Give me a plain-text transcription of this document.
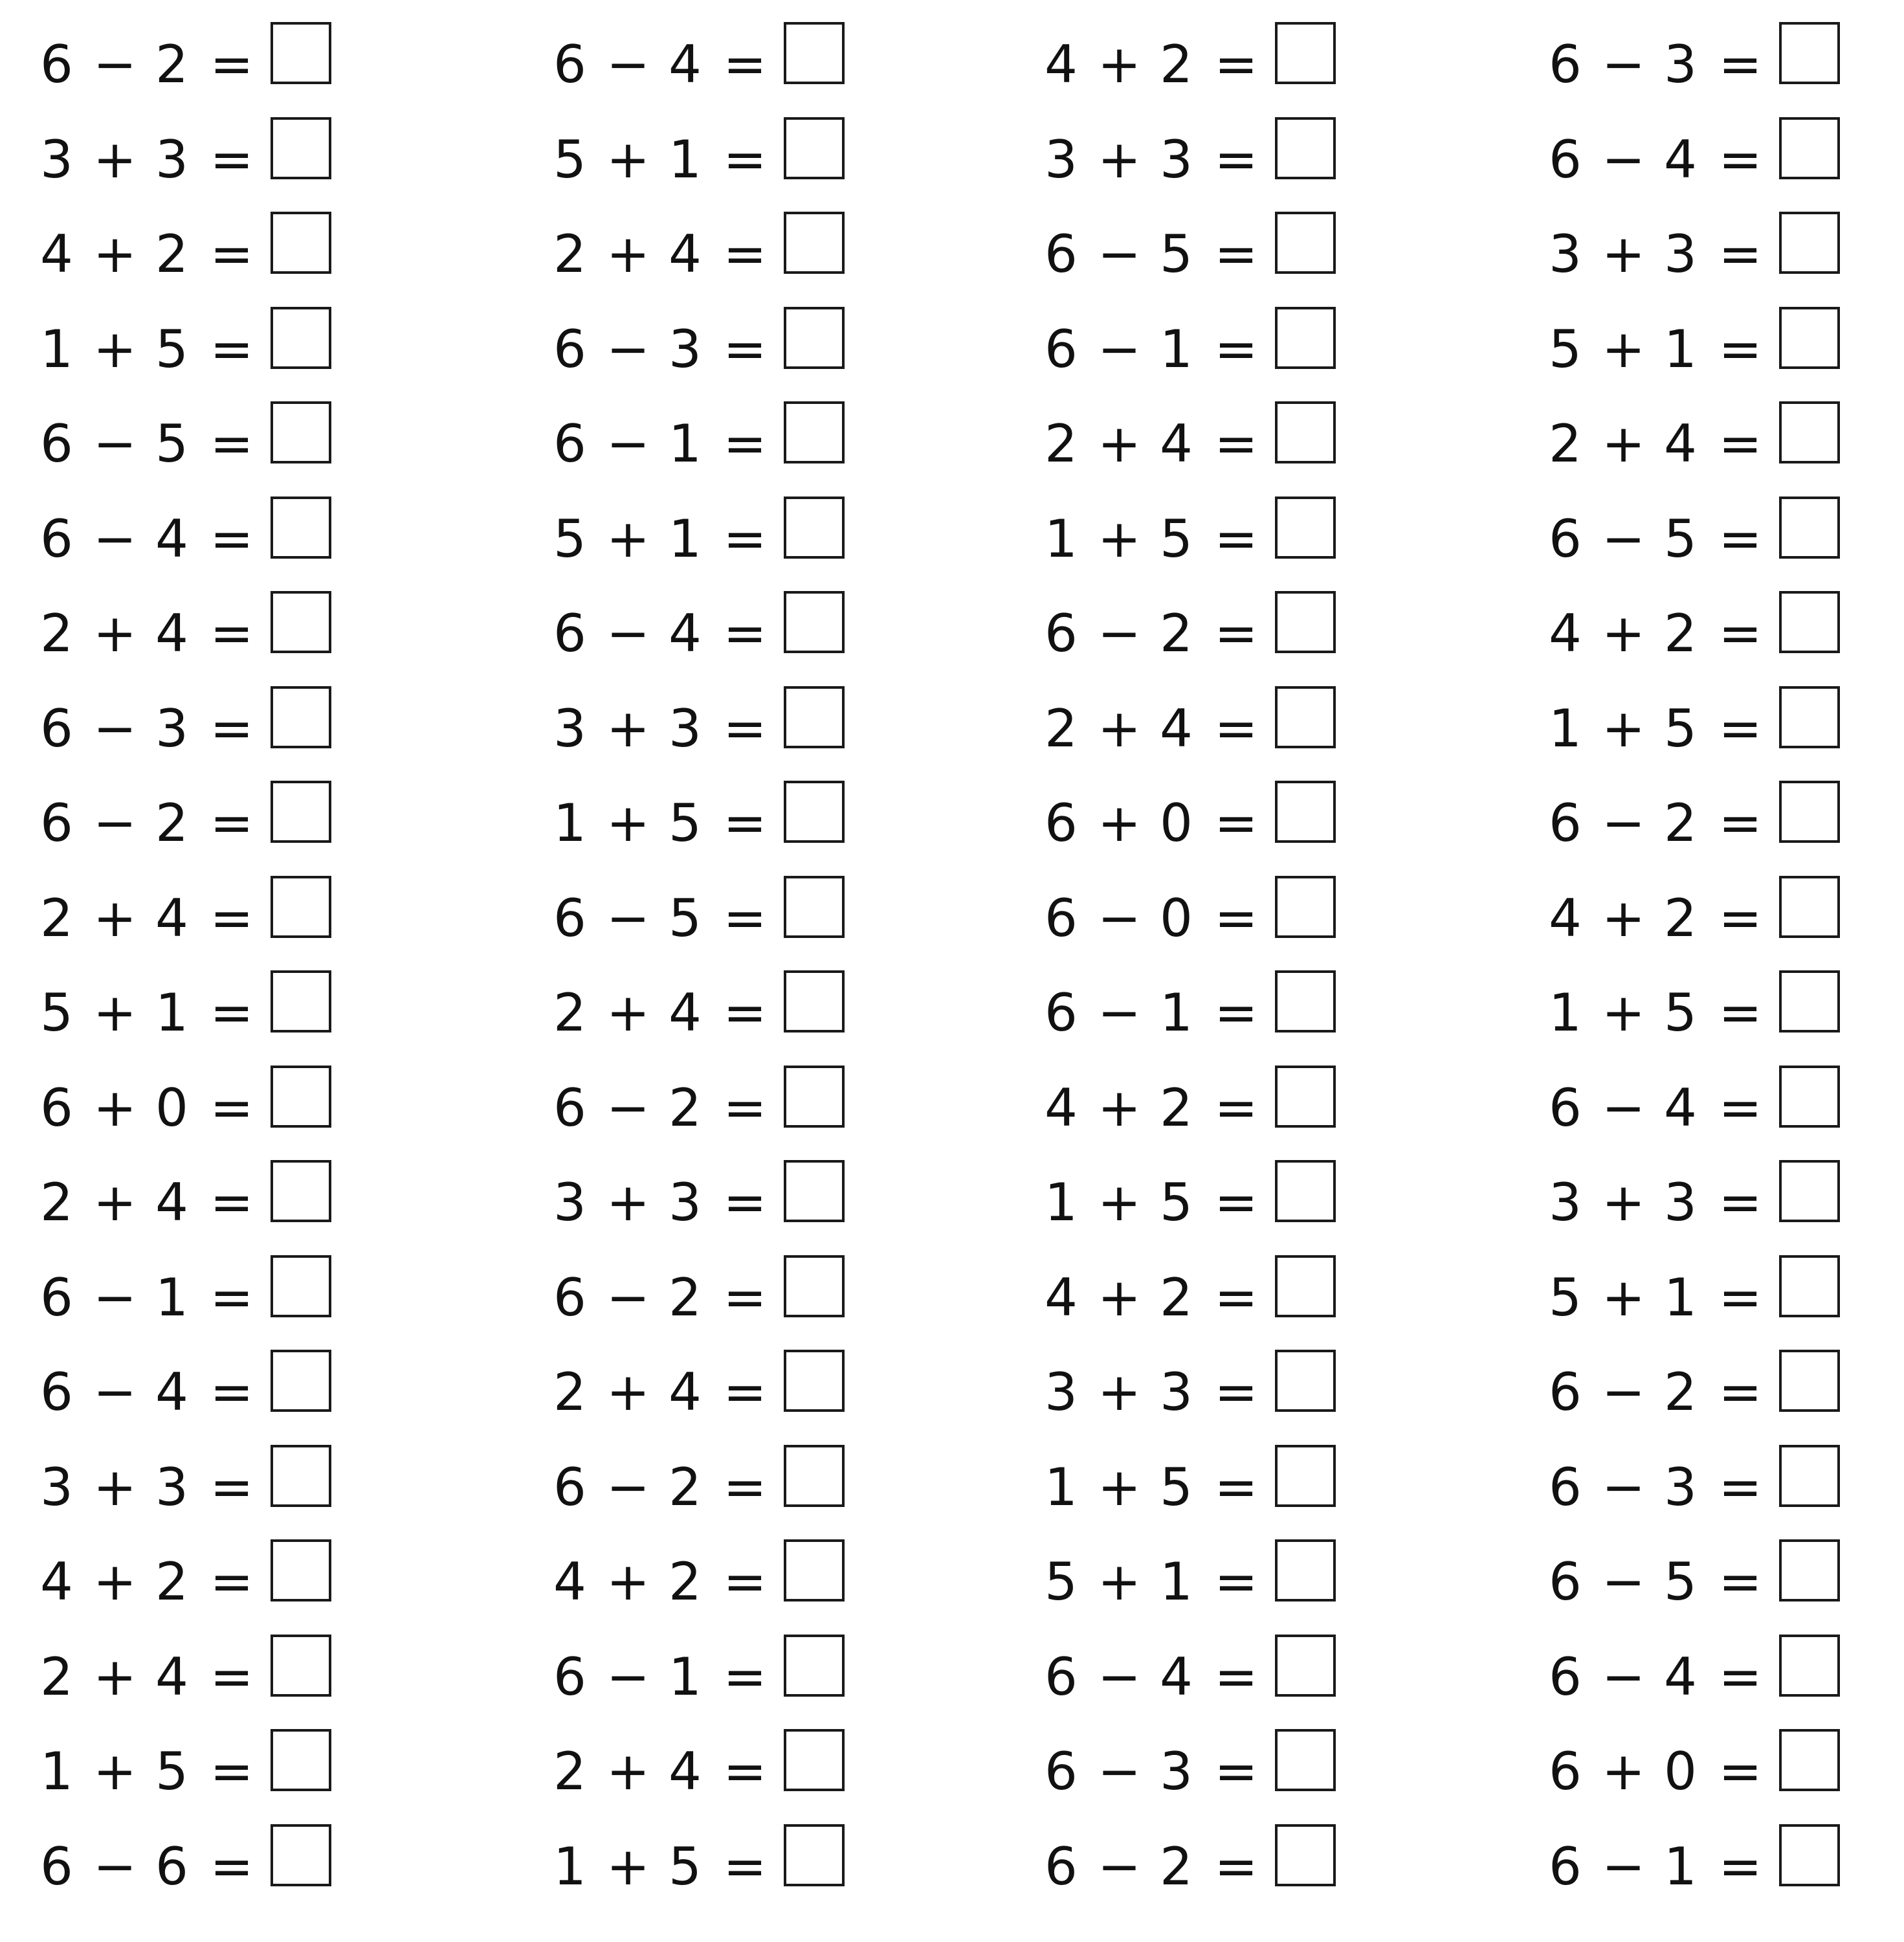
6 − 2 =
3 + 3 =
4 + 2 =
1 + 5 =
6 − 5 =
6 − 4 =
2 + 4 =
6 − 3 =
6 − 2 =
2 + 4 =
5 + 1 =
6 + 0 =
2 + 4 =
6 − 1 =
6 − 4 =
3 + 3 =
4 + 2 =
2 + 4 =
1 + 5 =
6 − 6 =
6 − 4 =
5 + 1 =
2 + 4 =
6 − 3 =
6 − 1 =
5 + 1 =
6 − 4 =
3 + 3 =
1 + 5 =
6 − 5 =
2 + 4 =
6 − 2 =
3 + 3 =
6 − 2 =
2 + 4 =
6 − 2 =
4 + 2 =
6 − 1 =
2 + 4 =
1 + 5 =
4 + 2 =
3 + 3 =
6 − 5 =
6 − 1 =
2 + 4 =
1 + 5 =
6 − 2 =
2 + 4 =
6 + 0 =
6 − 0 =
6 − 1 =
4 + 2 =
1 + 5 =
4 + 2 =
3 + 3 =
1 + 5 =
5 + 1 =
6 − 4 =
6 − 3 =
6 − 2 =
6 − 3 =
6 − 4 =
3 + 3 =
5 + 1 =
2 + 4 =
6 − 5 =
4 + 2 =
1 + 5 =
6 − 2 =
4 + 2 =
1 + 5 =
6 − 4 =
3 + 3 =
5 + 1 =
6 − 2 =
6 − 3 =
6 − 5 =
6 − 4 =
6 + 0 =
6 − 1 =
